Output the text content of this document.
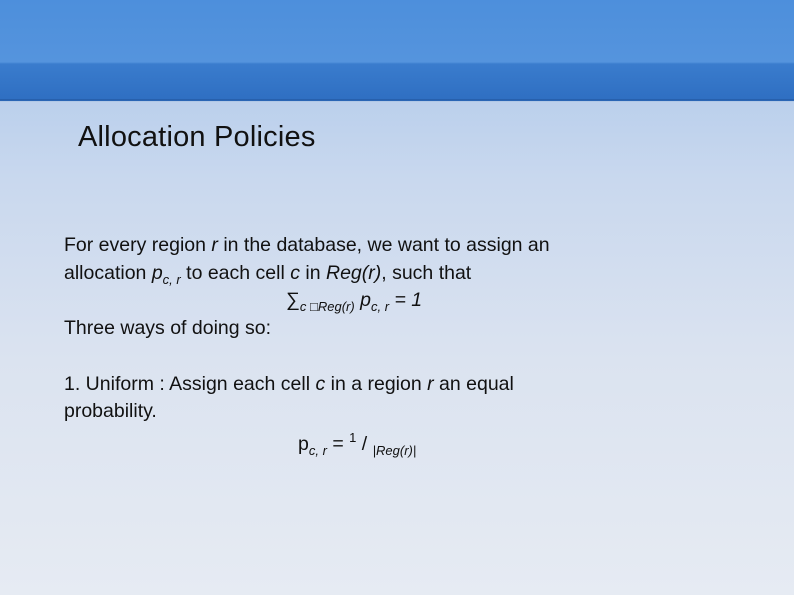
Allocation Policies
For every region r in the database, we want to assign an
allocation $p_{c, r}$ to each cell c in Reg(r), such that
$\sum_{c □Reg(r)}$ $p_{c, r} = 1$
Three ways of doing so:
1. Uniform : Assign each cell c in a region r an equal
probability.
$p_{c, r} = ^1 / _{|Reg(r)|}$
